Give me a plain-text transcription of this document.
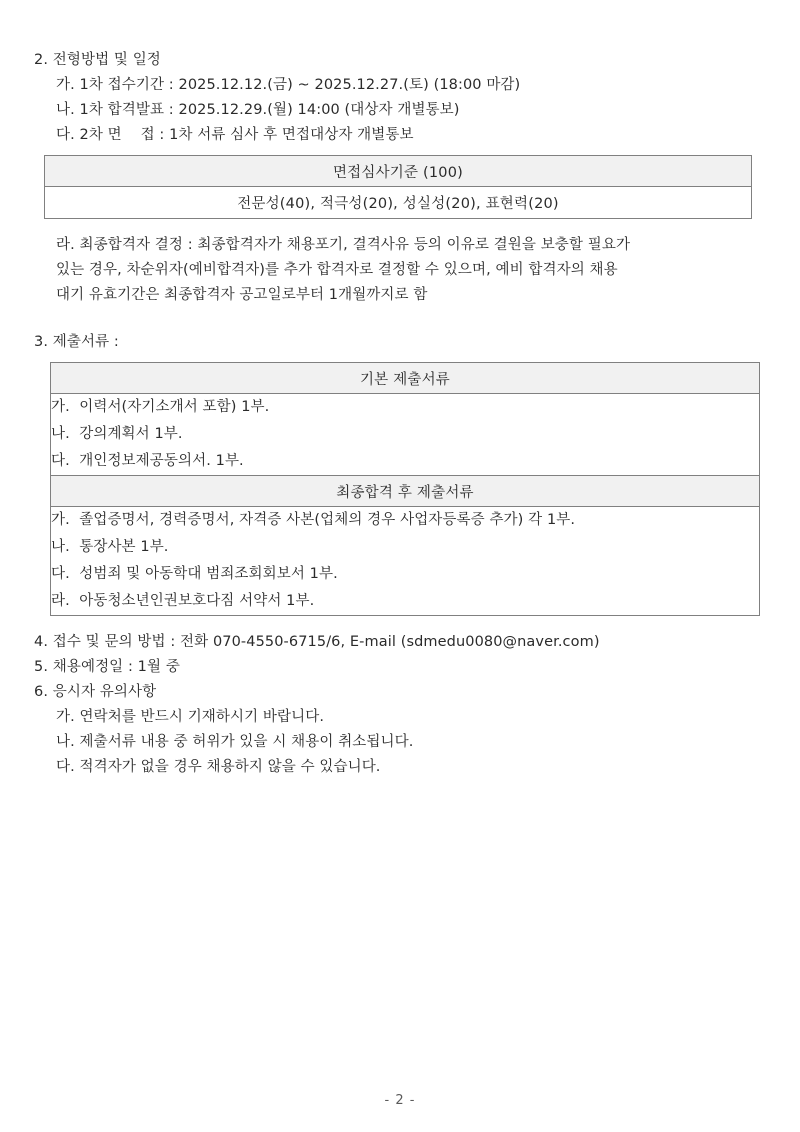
2. 전형방법 및 일정
가. 1차 접수기간 : 2025.12.12.(금) ~ 2025.12.27.(토) (18:00 마감)
나. 1차 합격발표 : 2025.12.29.(월) 14:00 (대상자 개별통보)
다. 2차 면    접 : 1차 서류 심사 후 면접대상자 개별통보
면접심사기준 (100)
전문성(40), 적극성(20), 성실성(20), 표현력(20)
라. 최종합격자 결정 : 최종합격자가 채용포기, 결격사유 등의 이유로 결원을 보충할 필요가
있는 경우, 차순위자(예비합격자)를 추가 합격자로 결정할 수 있으며, 예비 합격자의 채용
대기 유효기간은 최종합격자 공고일로부터 1개월까지로 함
3. 제출서류 :
기본 제출서류

가.  이력서(자기소개서 포함) 1부.
나.  강의계획서 1부.
다.  개인정보제공동의서. 1부.

최종합격 후 제출서류

가.  졸업증명서, 경력증명서, 자격증 사본(업체의 경우 사업자등록증 추가) 각 1부.
나.  통장사본 1부.
다.  성범죄 및 아동학대 범죄조회회보서 1부.
라.  아동청소년인권보호다짐 서약서 1부.
4. 접수 및 문의 방법 : 전화 070-4550-6715/6, E-mail (sdmedu0080@naver.com)
5. 채용예정일 : 1월 중
6. 응시자 유의사항
가. 연락처를 반드시 기재하시기 바랍니다.
나. 제출서류 내용 중 허위가 있을 시 채용이 취소됩니다.
다. 적격자가 없을 경우 채용하지 않을 수 있습니다.
- 2 -
